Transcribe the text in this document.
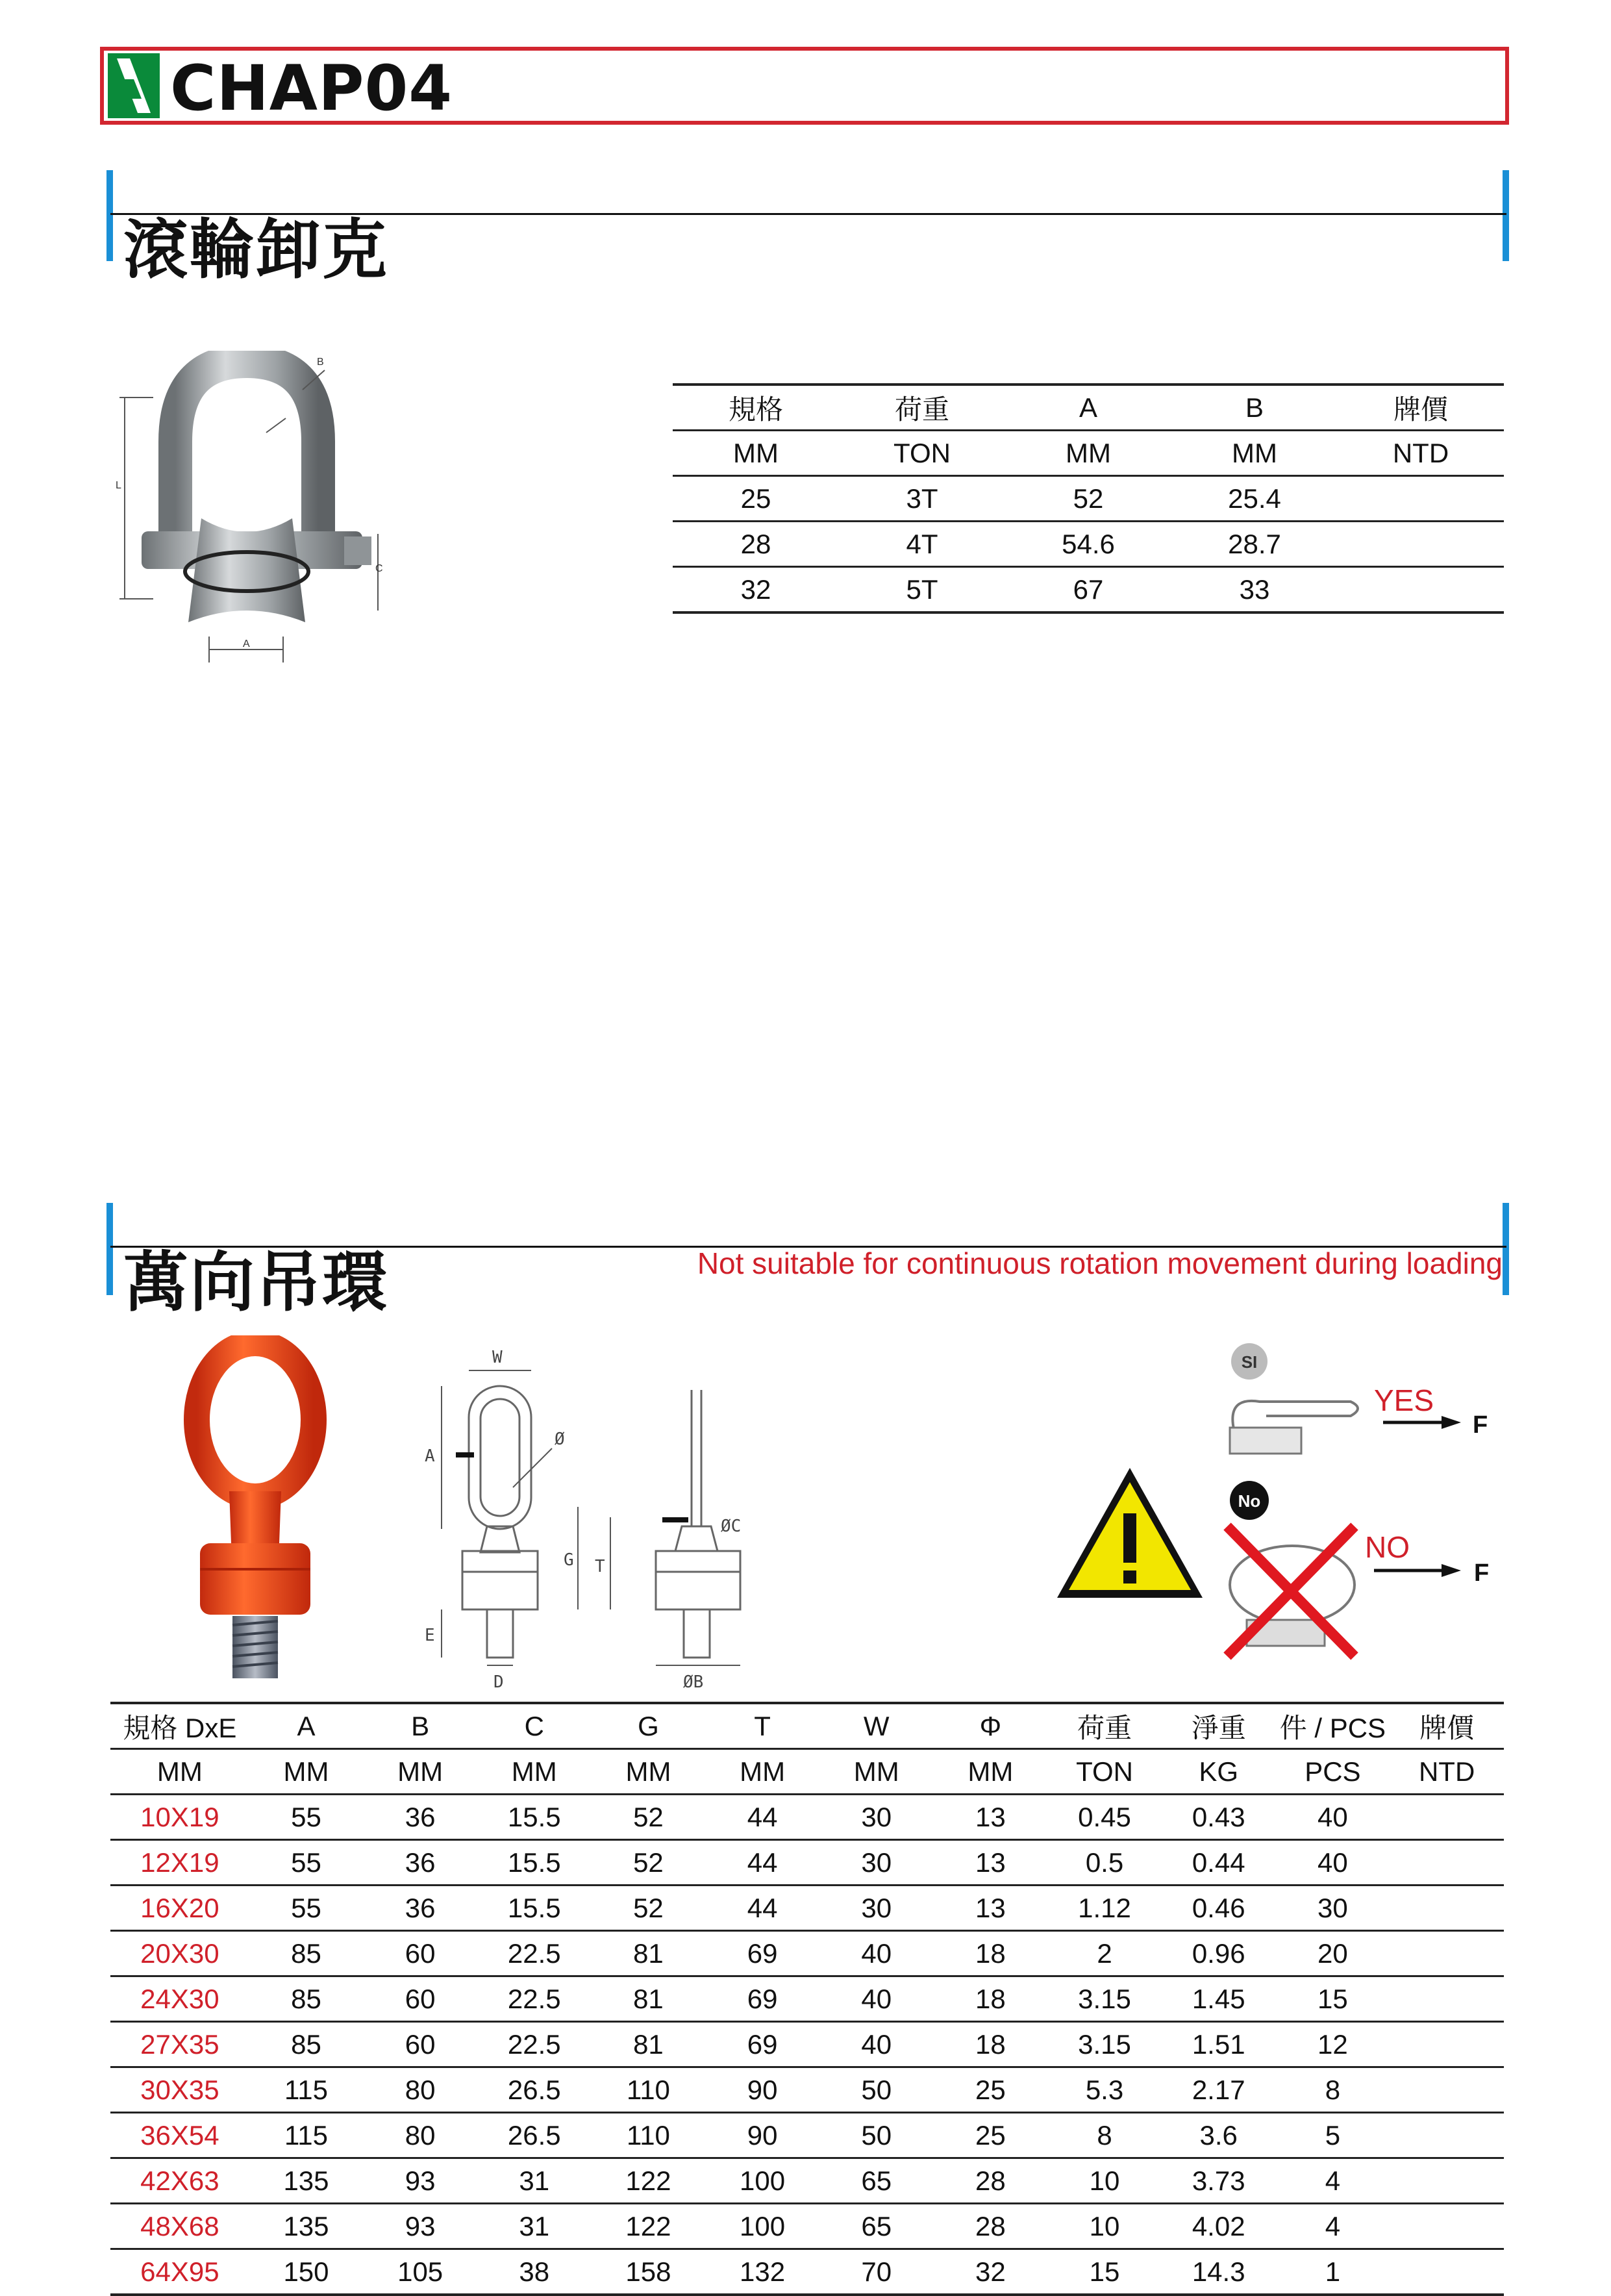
CHAP04
滾輪卸克
B
L
C
A
規格	荷重	A	B	牌價
MM	TON	MM	MM	NTD
25	3T	52	25.4	
28	4T	54.6	28.7	
32	5T	67	33	
萬向吊環	Not suitable for continuous rotation movement during loading
W
A
Ø
G T
E
D
ØC
ØB
SI
YES
F
No
NO
F
規格 DxE	A	B	C	G	T	W	Φ	荷重	淨重	件 / PCS	牌價
MM	MM	MM	MM	MM	MM	MM	MM	TON	KG	PCS	NTD
10X19	55	36	15.5	52	44	30	13	0.45	0.43	40	
12X19	55	36	15.5	52	44	30	13	0.5	0.44	40	
16X20	55	36	15.5	52	44	30	13	1.12	0.46	30	
20X30	85	60	22.5	81	69	40	18	2	0.96	20	
24X30	85	60	22.5	81	69	40	18	3.15	1.45	15	
27X35	85	60	22.5	81	69	40	18	3.15	1.51	12	
30X35	115	80	26.5	110	90	50	25	5.3	2.17	8	
36X54	115	80	26.5	110	90	50	25	8	3.6	5	
42X63	135	93	31	122	100	65	28	10	3.73	4	
48X68	135	93	31	122	100	65	28	10	4.02	4	
64X95	150	105	38	158	132	70	32	15	14.3	1	
